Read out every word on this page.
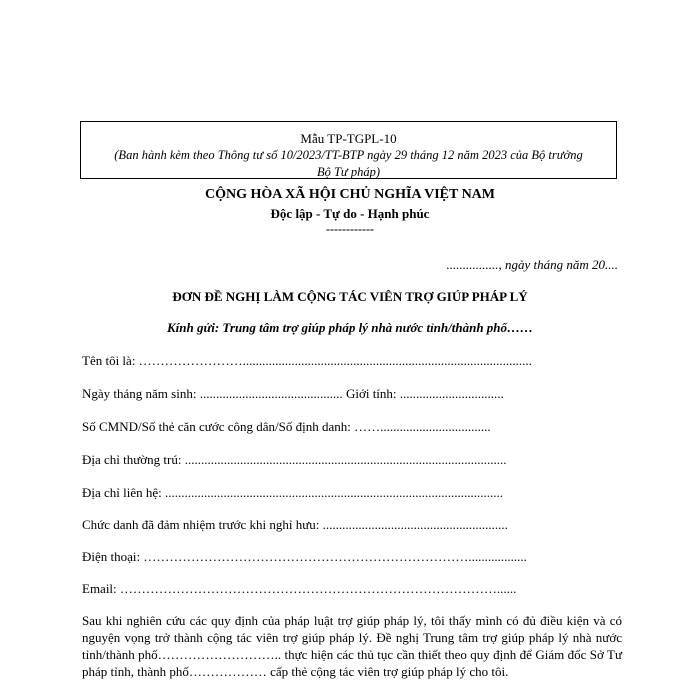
Mẫu TP-TGPL-10
(Ban hành kèm theo Thông tư số 10/2023/TT-BTP ngày 29 tháng 12 năm 2023 của Bộ trưởng
Bộ Tư pháp)
CỘNG HÒA XÃ HỘI CHỦ NGHĨA VIỆT NAM
Độc lập - Tự do - Hạnh phúc
------------
................, ngày tháng năm 20....
ĐƠN ĐỀ NGHỊ LÀM CỘNG TÁC VIÊN TRỢ GIÚP PHÁP LÝ
Kính gửi: Trung tâm trợ giúp pháp lý nhà nước tỉnh/thành phố……
Tên tôi là: …………………….........................................................................................
Ngày tháng năm sinh: ............................................ Giới tính: ................................
Số CMND/Số thẻ căn cước công dân/Số định danh: ……..................................
Địa chỉ thường trú: ...................................................................................................
Địa chỉ liên hệ: ........................................................................................................
Chức danh đã đảm nhiệm trước khi nghỉ hưu: .........................................................
Điện thoại: …………………………………………………………………..................
Email: ……………………………………………………………………………......
Sau khi nghiên cứu các quy định của pháp luật trợ giúp pháp lý, tôi thấy mình có đủ điều kiện và có nguyện vọng trở thành cộng tác viên trợ giúp pháp lý. Đề nghị Trung tâm trợ giúp pháp lý nhà nước tỉnh/thành phố……………………….. thực hiện các thủ tục cần thiết theo quy định để Giám đốc Sở Tư pháp tỉnh, thành phố……………… cấp thẻ cộng tác viên trợ giúp pháp lý cho tôi.
